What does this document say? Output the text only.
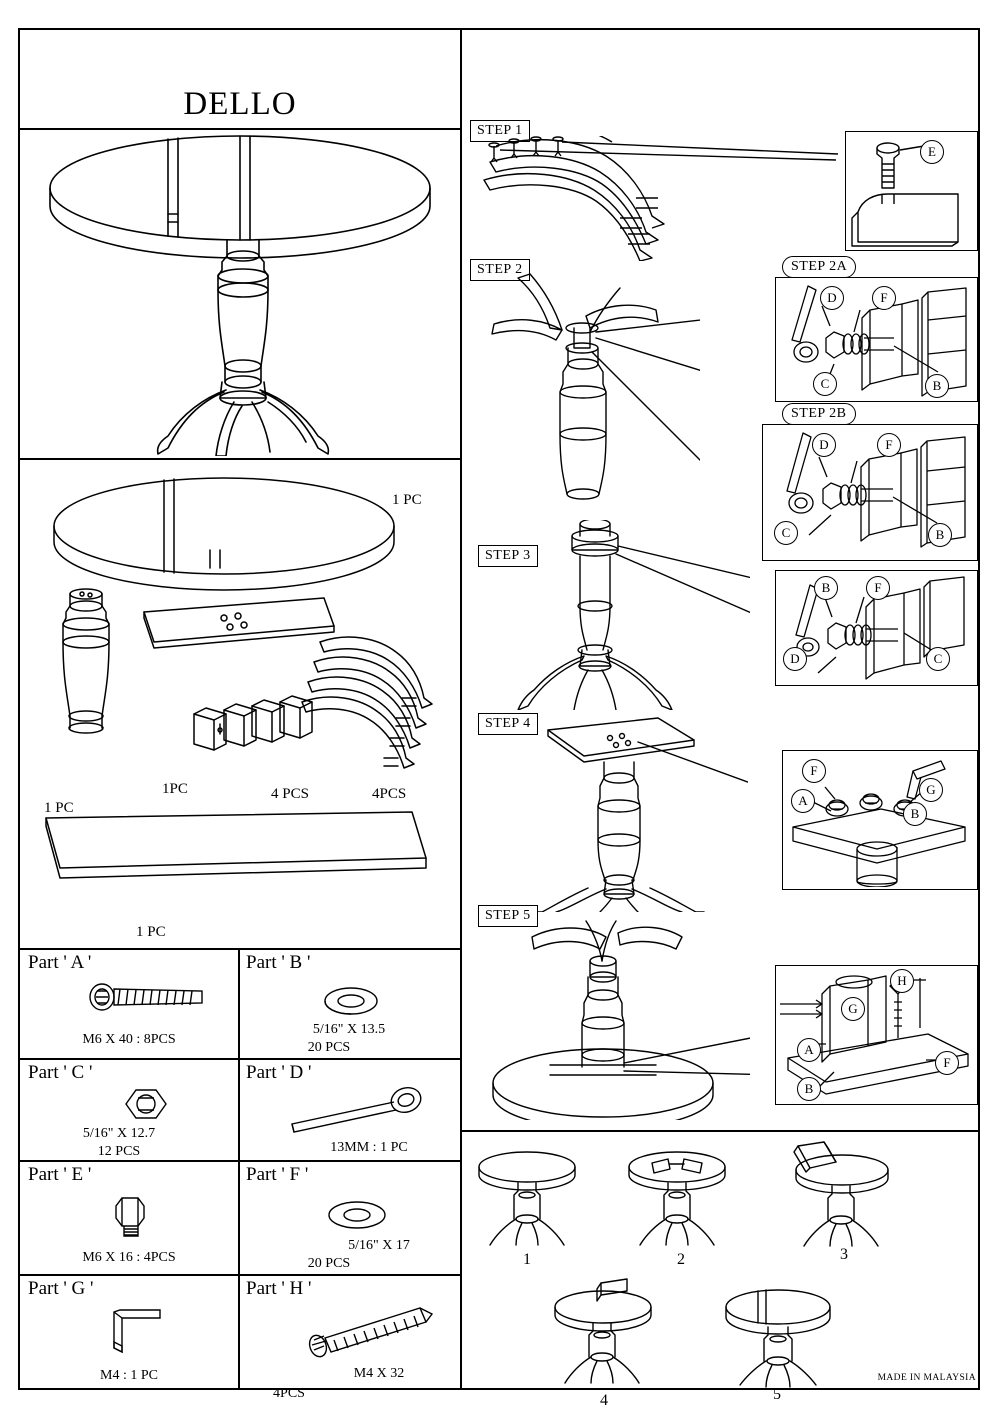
DELLO
1 PC
1 PC
1PC	4 PCS	4PCS
1 PC
Part ' A '
M6 X 40 : 8PCS
Part ' B '
5/16" X 13.5
20 PCS
Part ' C '
5/16" X 12.7
12 PCS
Part ' D '
13MM : 1 PC
Part ' E '
M6 X 16 : 4PCS
Part ' F '
5/16" X 17
20 PCS
Part ' G '
M4 : 1 PC
Part ' H '
M4 X 32
4PCS
STEP 1
E
STEP 2	STEP 2A
D	F
C	B
STEP 2B
D	F
C	B
STEP 3
B	F
D	C
STEP 4
F
A
G
B
STEP 5
H
G
A
F
B
1	2	3
4	5
MADE IN MALAYSIA
